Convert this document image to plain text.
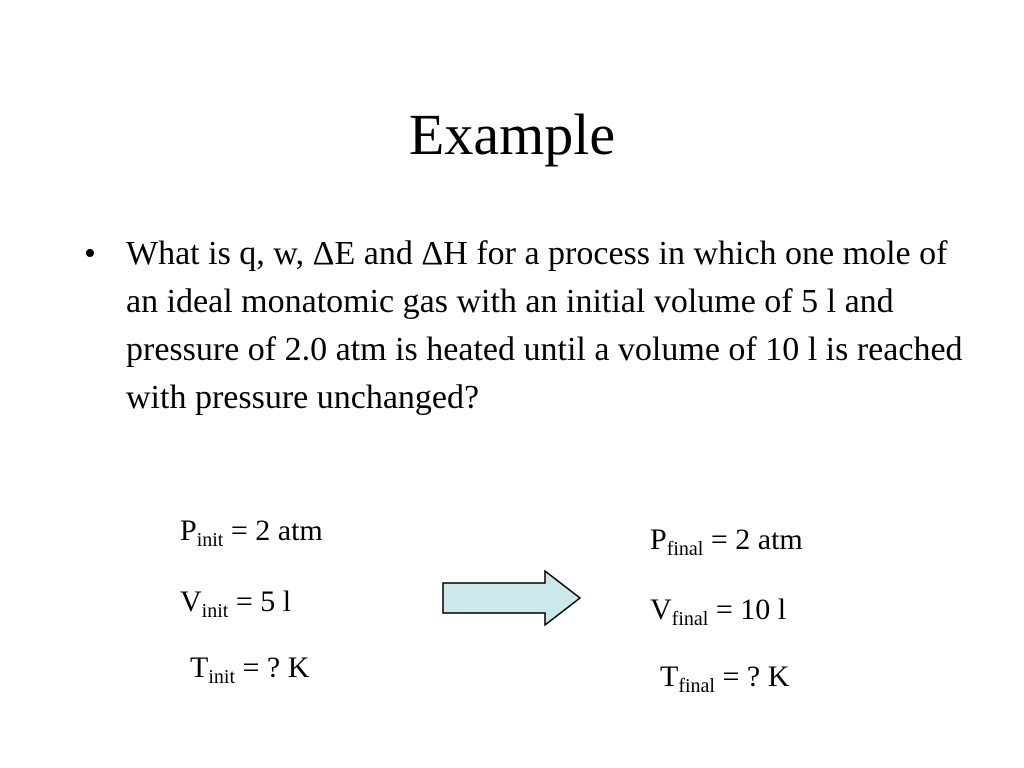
Example
• What is q, w, ΔE and ΔH for a process in which one mole of an ideal monatomic gas with an initial volume of 5 l and pressure of 2.0 atm is heated until a volume of 10 l is reached with pressure unchanged?
$P_{init} = 2$ atm
$V_{init} = 5$ l
$T_{init}$ = ? K
$P_{final} = 2$ atm
$V_{final} = 10$ l
$T_{final}$ = ? K
